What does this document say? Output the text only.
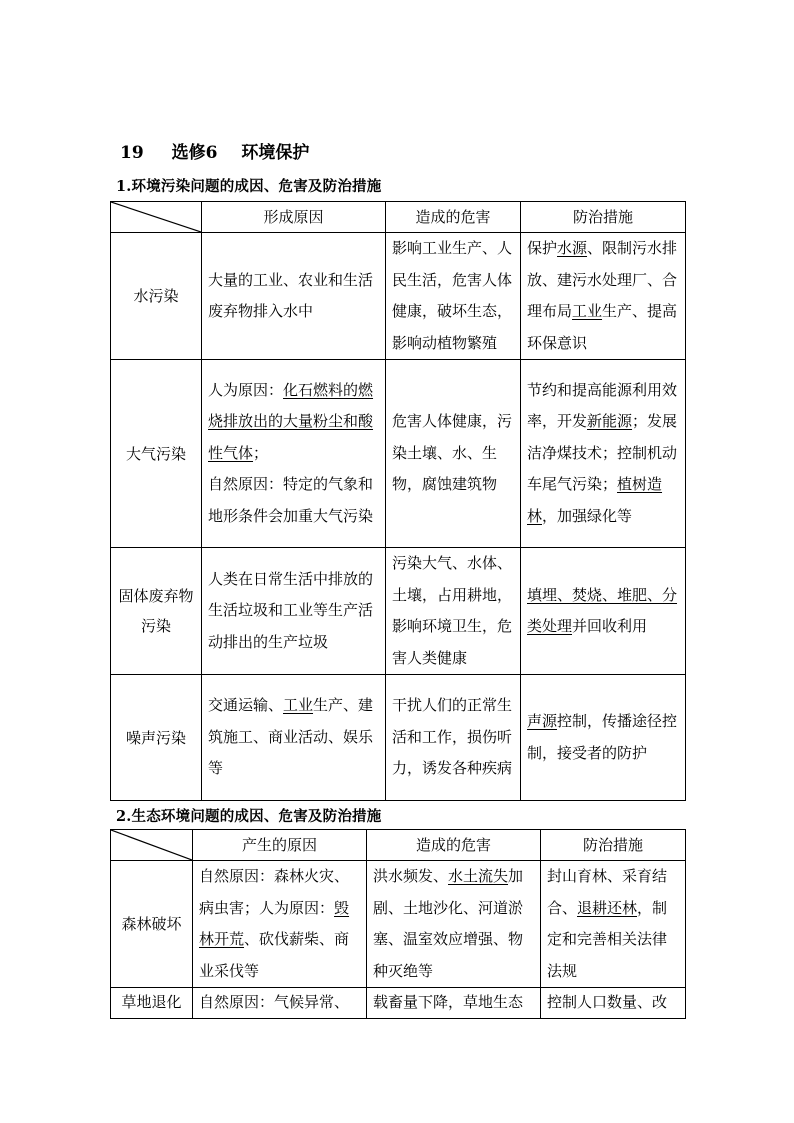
19 选修6 环境保护
1.环境污染问题的成因、危害及防治措施
	形成原因	造成的危害	防治措施
水污染	大量的工业、农业和生活废弃物排入水中	影响工业生产、人民生活，危害人体健康，破坏生态，影响动植物繁殖	保护水源、限制污水排放、建污水处理厂、合理布局工业生产、提高环保意识
大气污染	人为原因：化石燃料的燃烧排放出的大量粉尘和酸性气体；
自然原因：特定的气象和地形条件会加重大气污染	危害人体健康，污染土壤、水、生物，腐蚀建筑物	节约和提高能源利用效率，开发新能源；发展洁净煤技术；控制机动车尾气污染；植树造林，加强绿化等
固体废弃物污染	人类在日常生活中排放的生活垃圾和工业等生产活动排出的生产垃圾	污染大气、水体、土壤，占用耕地，影响环境卫生，危害人类健康	填埋、焚烧、堆肥、分类处理并回收利用
噪声污染	交通运输、工业生产、建筑施工、商业活动、娱乐等	干扰人们的正常生活和工作，损伤听力，诱发各种疾病	声源控制，传播途径控制，接受者的防护
2.生态环境问题的成因、危害及防治措施
	产生的原因	造成的危害	防治措施
森林破坏	自然原因：森林火灾、病虫害；人为原因：毁林开荒、砍伐薪柴、商业采伐等	洪水频发、水土流失加剧、土地沙化、河道淤塞、温室效应增强、物种灭绝等	封山育林、采育结合、退耕还林，制定和完善相关法律法规
草地退化	自然原因：气候异常、	载畜量下降，草地生态	控制人口数量、改
